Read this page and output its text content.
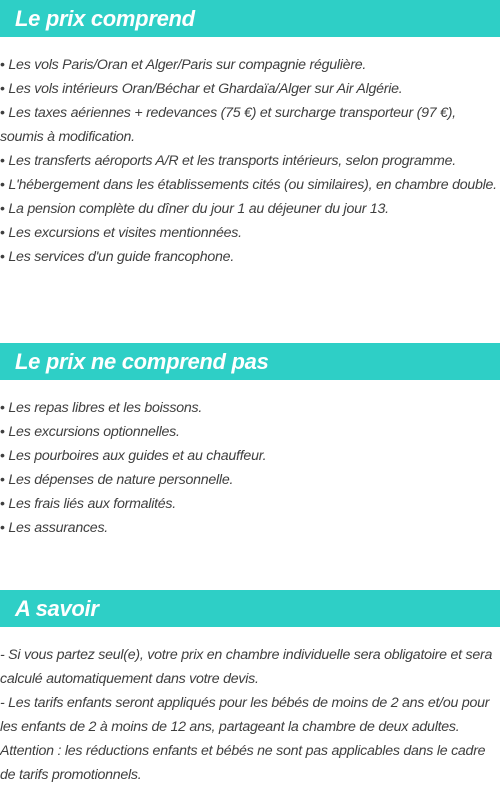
Le prix comprend
• Les vols Paris/Oran et Alger/Paris sur compagnie régulière.
• Les vols intérieurs Oran/Béchar et Ghardaïa/Alger sur Air Algérie.
• Les taxes aériennes + redevances (75 €) et surcharge transporteur (97 €), soumis à modification.
• Les transferts aéroports A/R et les transports intérieurs, selon programme.
• L'hébergement dans les établissements cités (ou similaires), en chambre double.
• La pension complète du dîner du jour 1 au déjeuner du jour 13.
• Les excursions et visites mentionnées.
• Les services d'un guide francophone.
Le prix ne comprend pas
• Les repas libres et les boissons.
• Les excursions optionnelles.
• Les pourboires aux guides et au chauffeur.
• Les dépenses de nature personnelle.
• Les frais liés aux formalités.
• Les assurances.
A savoir

- Si vous partez seul(e), votre prix en chambre individuelle sera obligatoire et sera calculé automatiquement dans votre devis.

- Les tarifs enfants seront appliqués pour les bébés de moins de 2 ans et/ou pour les enfants de 2 à moins de 12 ans, partageant la chambre de deux adultes.

Attention : les réductions enfants et bébés ne sont pas applicables dans le cadre de tarifs promotionnels.
